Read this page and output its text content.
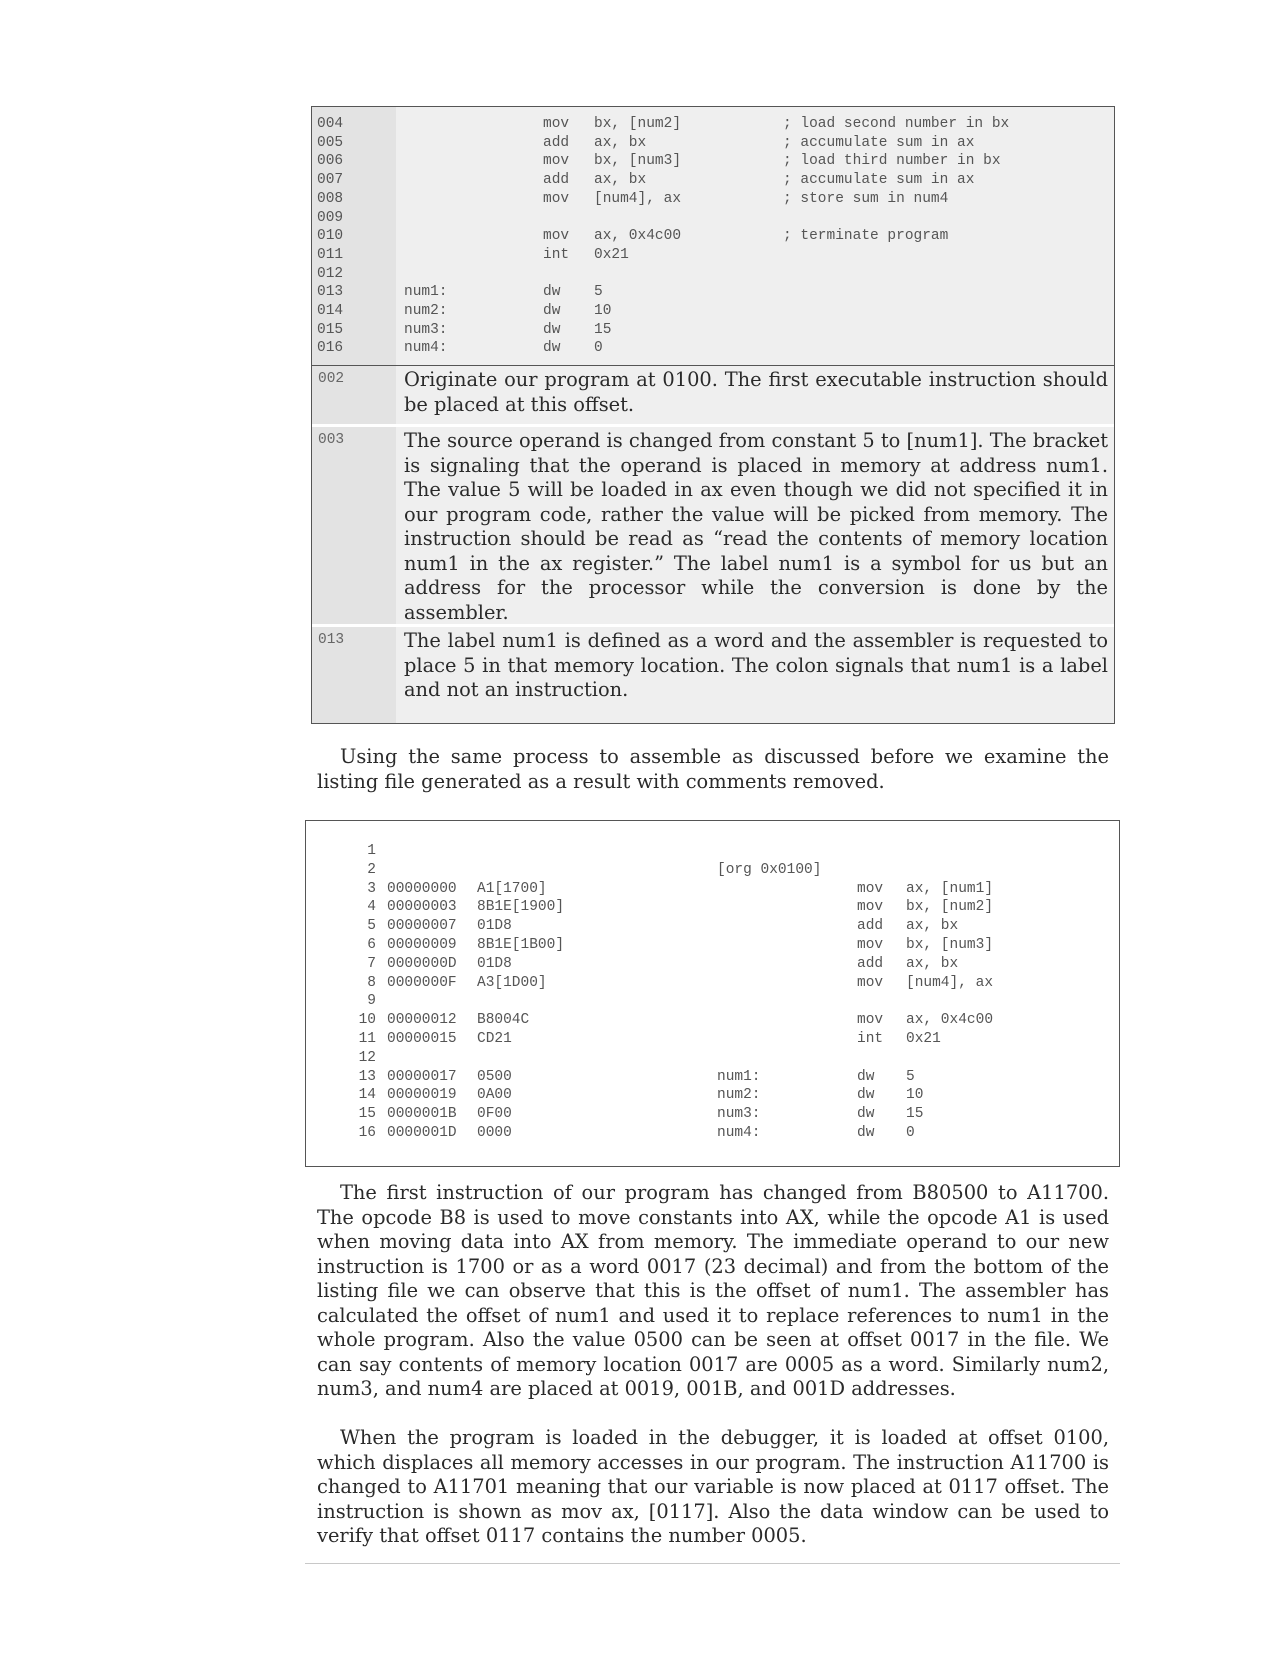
004	mov bx, [num2]	; load second number in bx
005	add ax, bx	; accumulate sum in ax
006	mov bx, [num3]	; load third number in bx
007	add ax, bx	; accumulate sum in ax
008	mov [num4], ax	; store sum in num4
009
010	mov ax, 0x4c00	; terminate program
011	int 0x21
012
013	num1:	dw 5
014	num2:	dw 10
015	num3:	dw 15
016	num4:	dw 0
002	Originate our program at 0100. The first executable instruction should be placed at this offset.
003	The source operand is changed from constant 5 to [num1]. The bracket is signaling that the operand is placed in memory at address num1. The value 5 will be loaded in ax even though we did not specified it in our program code, rather the value will be picked from memory. The instruction should be read as “read the contents of memory location num1 in the ax register.” The label num1 is a symbol for us but an address for the processor while the conversion is done by the assembler.
013	The label num1 is defined as a word and the assembler is requested to place 5 in that memory location. The colon signals that num1 is a label and not an instruction.

Using the same process to assemble as discussed before we examine the listing file generated as a result with comments removed.

1
2	[org 0x0100]
3 00000000 A1[1700]	mov ax, [num1]
4 00000003 8B1E[1900]	mov bx, [num2]
5 00000007 01D8	add ax, bx
6 00000009 8B1E[1B00]	mov bx, [num3]
7 0000000D 01D8	add ax, bx
8 0000000F A3[1D00]	mov [num4], ax
9
10 00000012 B8004C	mov ax, 0x4c00
11 00000015 CD21	int 0x21
12
13 00000017 0500	num1:	dw 5
14 00000019 0A00	num2:	dw 10
15 0000001B 0F00	num3:	dw 15
16 0000001D 0000	num4:	dw 0

The first instruction of our program has changed from B80500 to A11700. The opcode B8 is used to move constants into AX, while the opcode A1 is used when moving data into AX from memory. The immediate operand to our new instruction is 1700 or as a word 0017 (23 decimal) and from the bottom of the listing file we can observe that this is the offset of num1. The assembler has calculated the offset of num1 and used it to replace references to num1 in the whole program. Also the value 0500 can be seen at offset 0017 in the file. We can say contents of memory location 0017 are 0005 as a word. Similarly num2, num3, and num4 are placed at 0019, 001B, and 001D addresses.

When the program is loaded in the debugger, it is loaded at offset 0100, which displaces all memory accesses in our program. The instruction A11700 is changed to A11701 meaning that our variable is now placed at 0117 offset. The instruction is shown as mov ax, [0117]. Also the data window can be used to verify that offset 0117 contains the number 0005.
